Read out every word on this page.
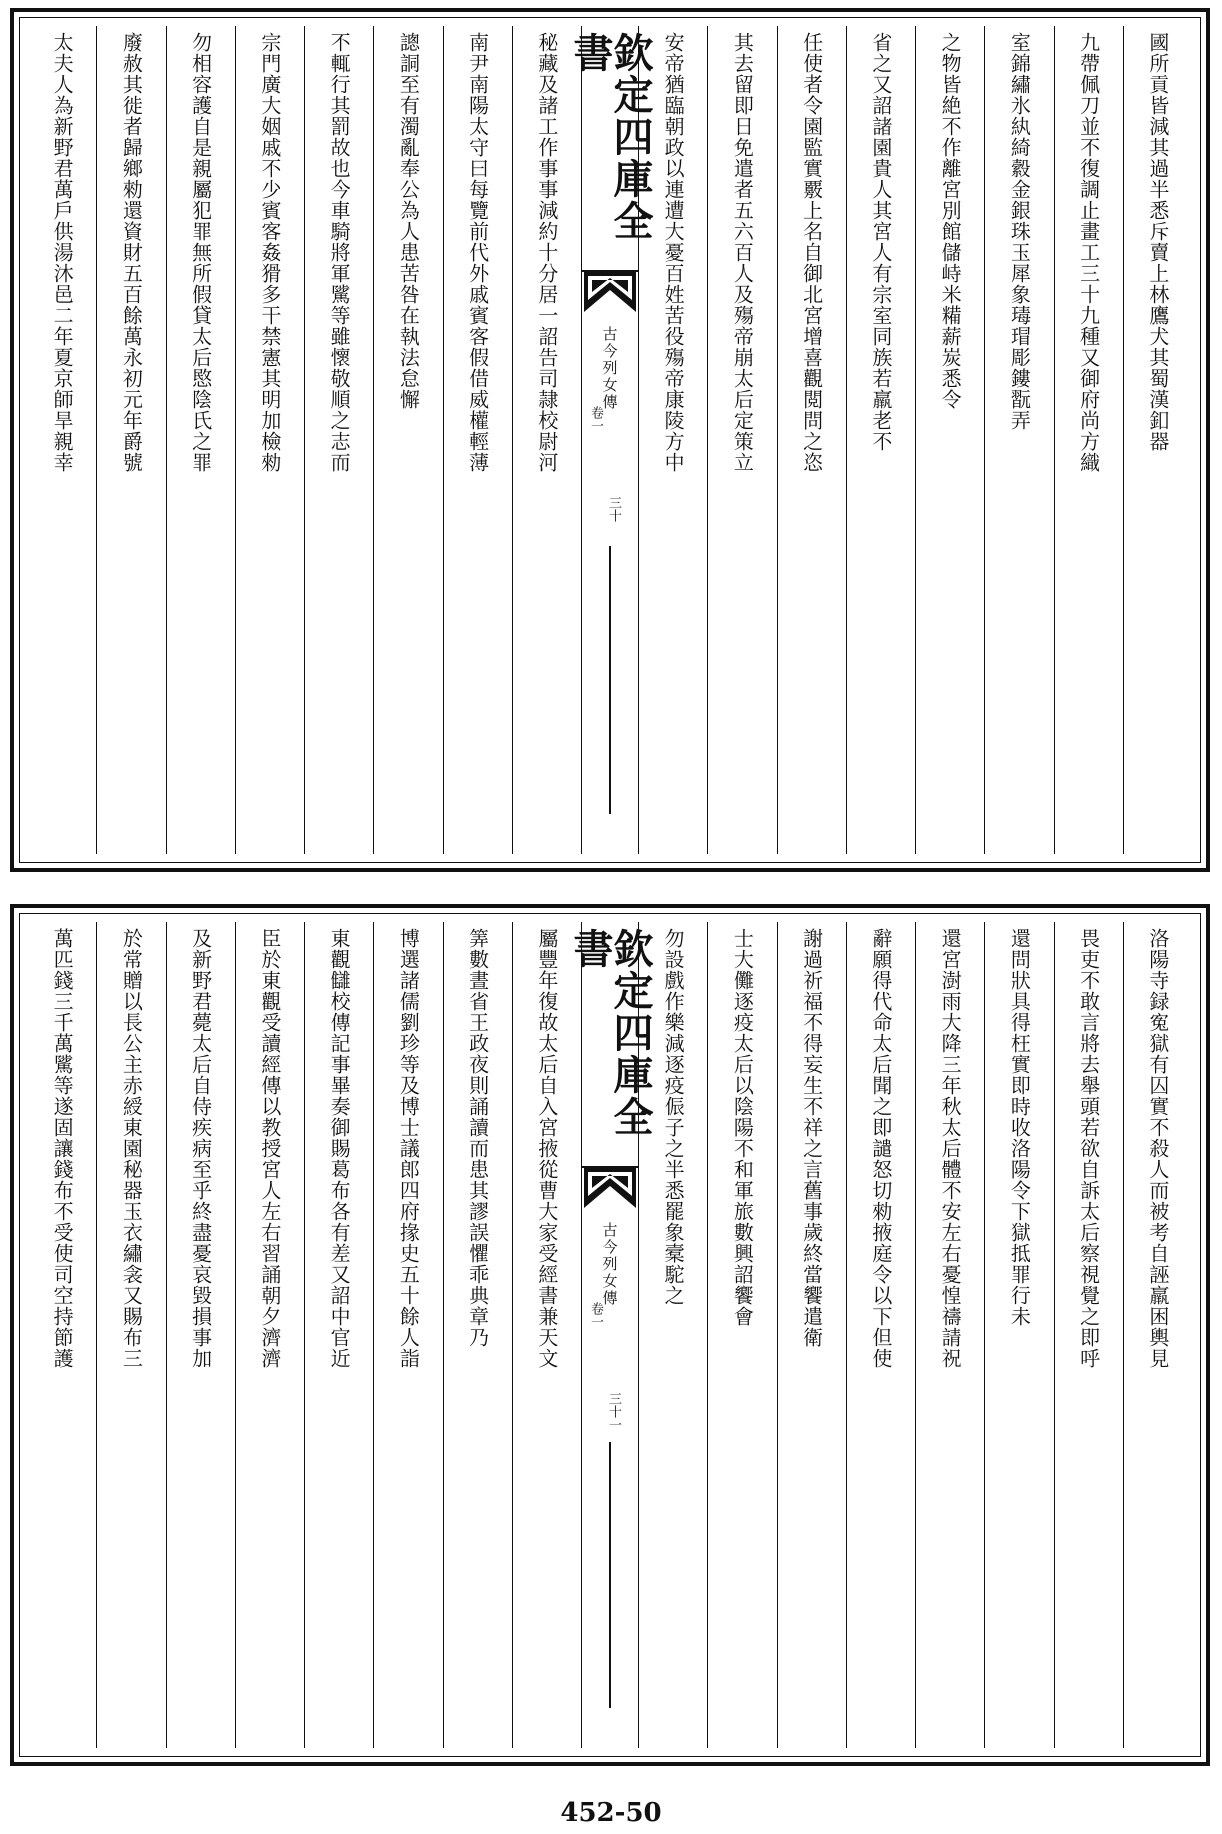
國所貢皆減其過半悉斥賣上林鷹犬其蜀漢釦器
九帶佩刀並不復調止畫工三十九種又御府尚方織
室錦繡氷紈綺縠金銀珠玉犀象瑇瑁彫鏤翫弄
之物皆絶不作離宮別館儲峙米糒薪炭悉令
省之又詔諸園貴人其宮人有宗室同族若羸老不
任使者令園監實覈上名自御北宮增喜觀閲問之恣
其去留即日免遣者五六百人及殤帝崩太后定策立
安帝猶臨朝政以連遭大憂百姓苦役殤帝康陵方中
欽定四庫全書
古今列女傳
卷一
三十
秘藏及諸工作事事減約十分居一詔告司隷校尉河
南尹南陽太守曰每覽前代外戚賓客假借威權輕薄
謥詷至有濁亂奉公為人患苦咎在執法怠懈
不輒行其罰故也今車騎將軍騭等雖懷敬順之志而
宗門廣大姻戚不少賓客姦猾多干禁憲其明加檢勑
勿相容護自是親屬犯罪無所假貸太后愍陰氏之罪
廢赦其徙者歸鄉勑還資財五百餘萬永初元年爵號
太夫人為新野君萬戶供湯沐邑二年夏京師旱親幸
洛陽寺録寃獄有囚實不殺人而被考自誣羸困輿見
畏吏不敢言將去舉頭若欲自訴太后察視覺之即呼
還問狀具得枉實即時收洛陽令下獄抵罪行未
還宮澍雨大降三年秋太后體不安左右憂惶禱請祝
辭願得代命太后聞之即譴怒切勑掖庭令以下但使
謝過祈福不得妄生不祥之言舊事歲終當饗遣衛
士大儺逐疫太后以陰陽不和軍旅數興詔饗會
勿設戲作樂減逐疫侲子之半悉罷象槖駝之
欽定四庫全書
古今列女傳
卷一
三十一
屬豐年復故太后自入宮掖從曹大家受經書兼天文
筭數晝省王政夜則誦讀而患其謬誤懼乖典章乃
博選諸儒劉珍等及博士議郎四府掾史五十餘人詣
東觀讎校傳記事畢奏御賜葛布各有差又詔中官近
臣於東觀受讀經傳以教授宮人左右習誦朝夕濟濟
及新野君薨太后自侍疾病至乎終盡憂哀毀損事加
於常贈以長公主赤綬東園秘器玉衣繡衾又賜布三
萬匹錢三千萬騭等遂固讓錢布不受使司空持節護
452-50
